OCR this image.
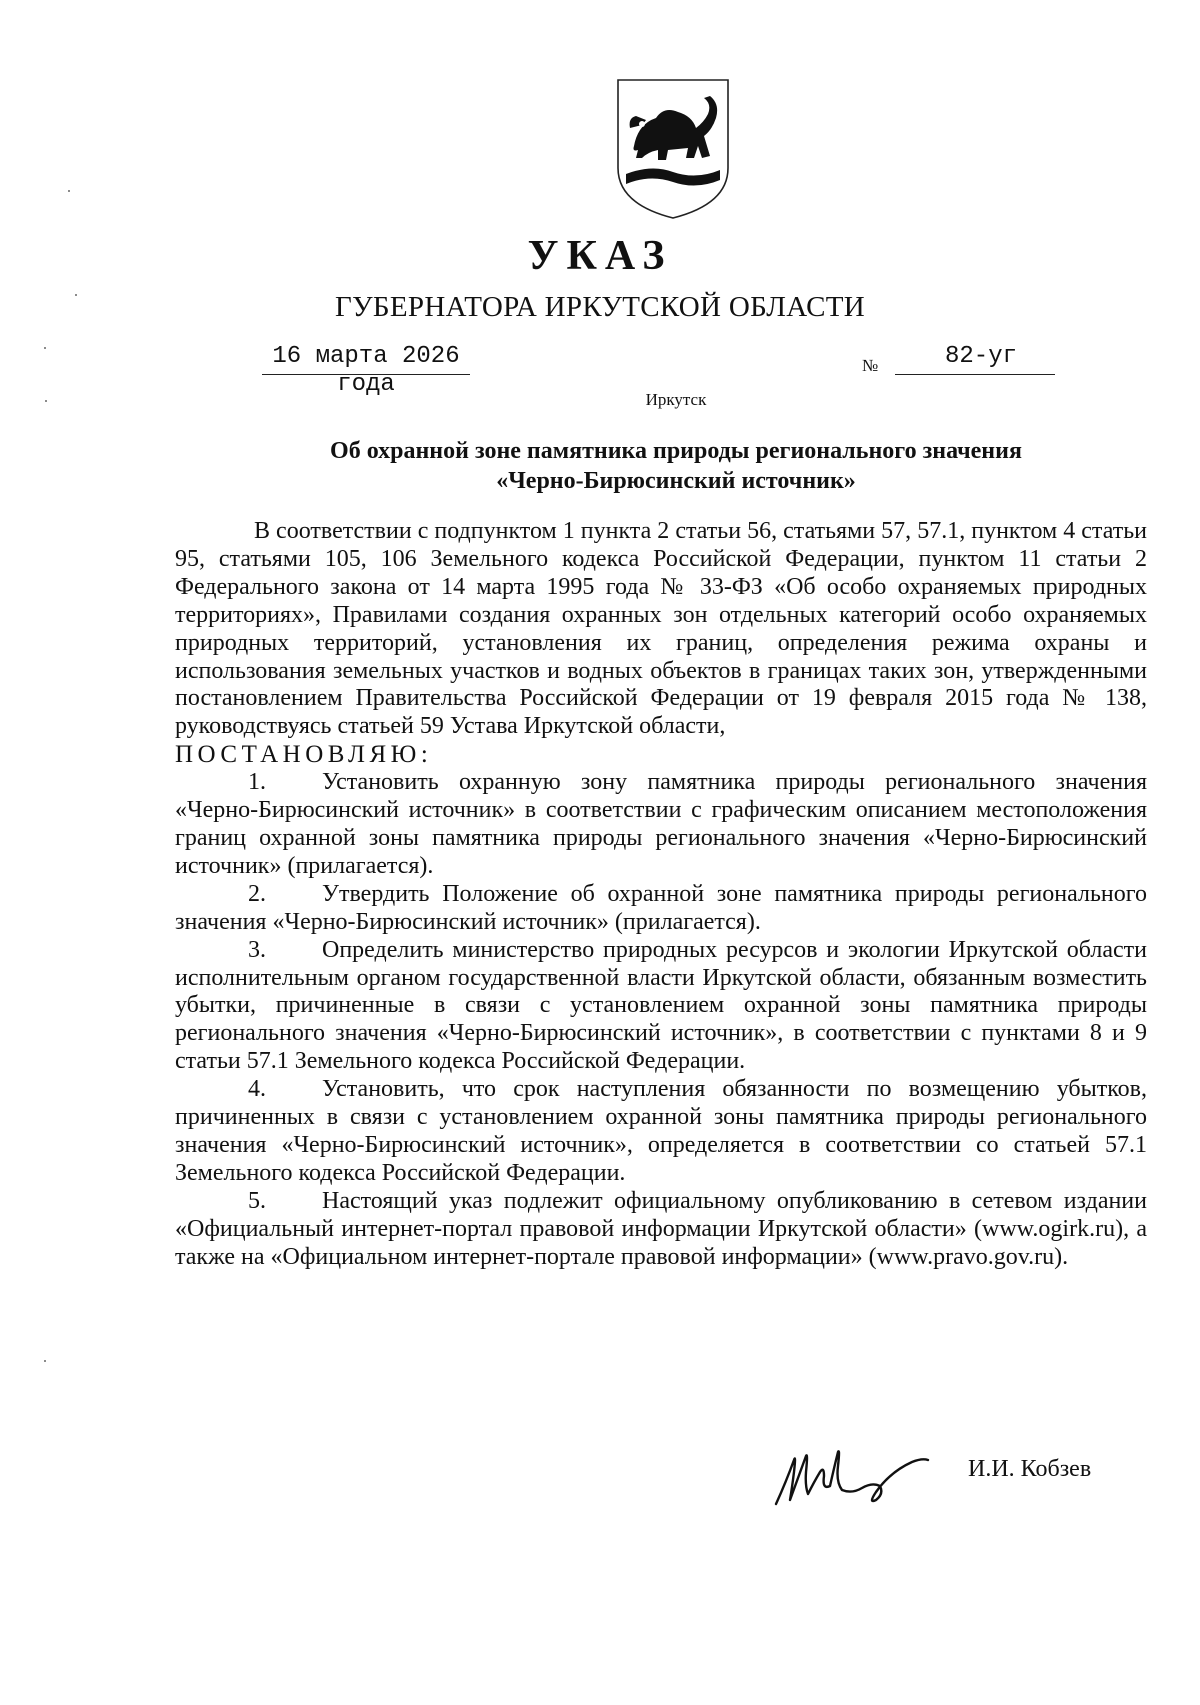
УКАЗ
ГУБЕРНАТОРА ИРКУТСКОЙ ОБЛАСТИ
16 марта 2026 года
№	82-уг
Иркутск
Об охранной зоне памятника природы регионального значения
«Черно-Бирюсинский источник»

В соответствии с подпунктом 1 пункта 2 статьи 56, статьями 57, 57.1, пунктом 4 статьи 95, статьями 105, 106 Земельного кодекса Российской Федерации, пунктом 11 статьи 2 Федерального закона от 14 марта 1995 года № 33-ФЗ «Об особо охраняемых природных территориях», Правилами создания охранных зон отдельных категорий особо охраняемых природных территорий, установления их границ, определения режима охраны и использования земельных участков и водных объектов в границах таких зон, утвержденными постановлением Правительства Российской Федерации от 19 февраля 2015 года № 138, руководствуясь статьей 59 Устава Иркутской области,

ПОСТАНОВЛЯЮ:

1. Установить охранную зону памятника природы регионального значения «Черно-Бирюсинский источник» в соответствии с графическим описанием местоположения границ охранной зоны памятника природы регионального значения «Черно-Бирюсинский источник» (прилагается).

2. Утвердить Положение об охранной зоне памятника природы регионального значения «Черно-Бирюсинский источник» (прилагается).

3. Определить министерство природных ресурсов и экологии Иркутской области исполнительным органом государственной власти Иркутской области, обязанным возместить убытки, причиненные в связи с установлением охранной зоны памятника природы регионального значения «Черно-Бирюсинский источник», в соответствии с пунктами 8 и 9 статьи 57.1 Земельного кодекса Российской Федерации.

4. Установить, что срок наступления обязанности по возмещению убытков, причиненных в связи с установлением охранной зоны памятника природы регионального значения «Черно-Бирюсинский источник», определяется в соответствии со статьей 57.1 Земельного кодекса Российской Федерации.

5. Настоящий указ подлежит официальному опубликованию в сетевом издании «Официальный интернет-портал правовой информации Иркутской области» (www.ogirk.ru), а также на «Официальном интернет-портале правовой информации» (www.pravo.gov.ru).

И.И. Кобзев
